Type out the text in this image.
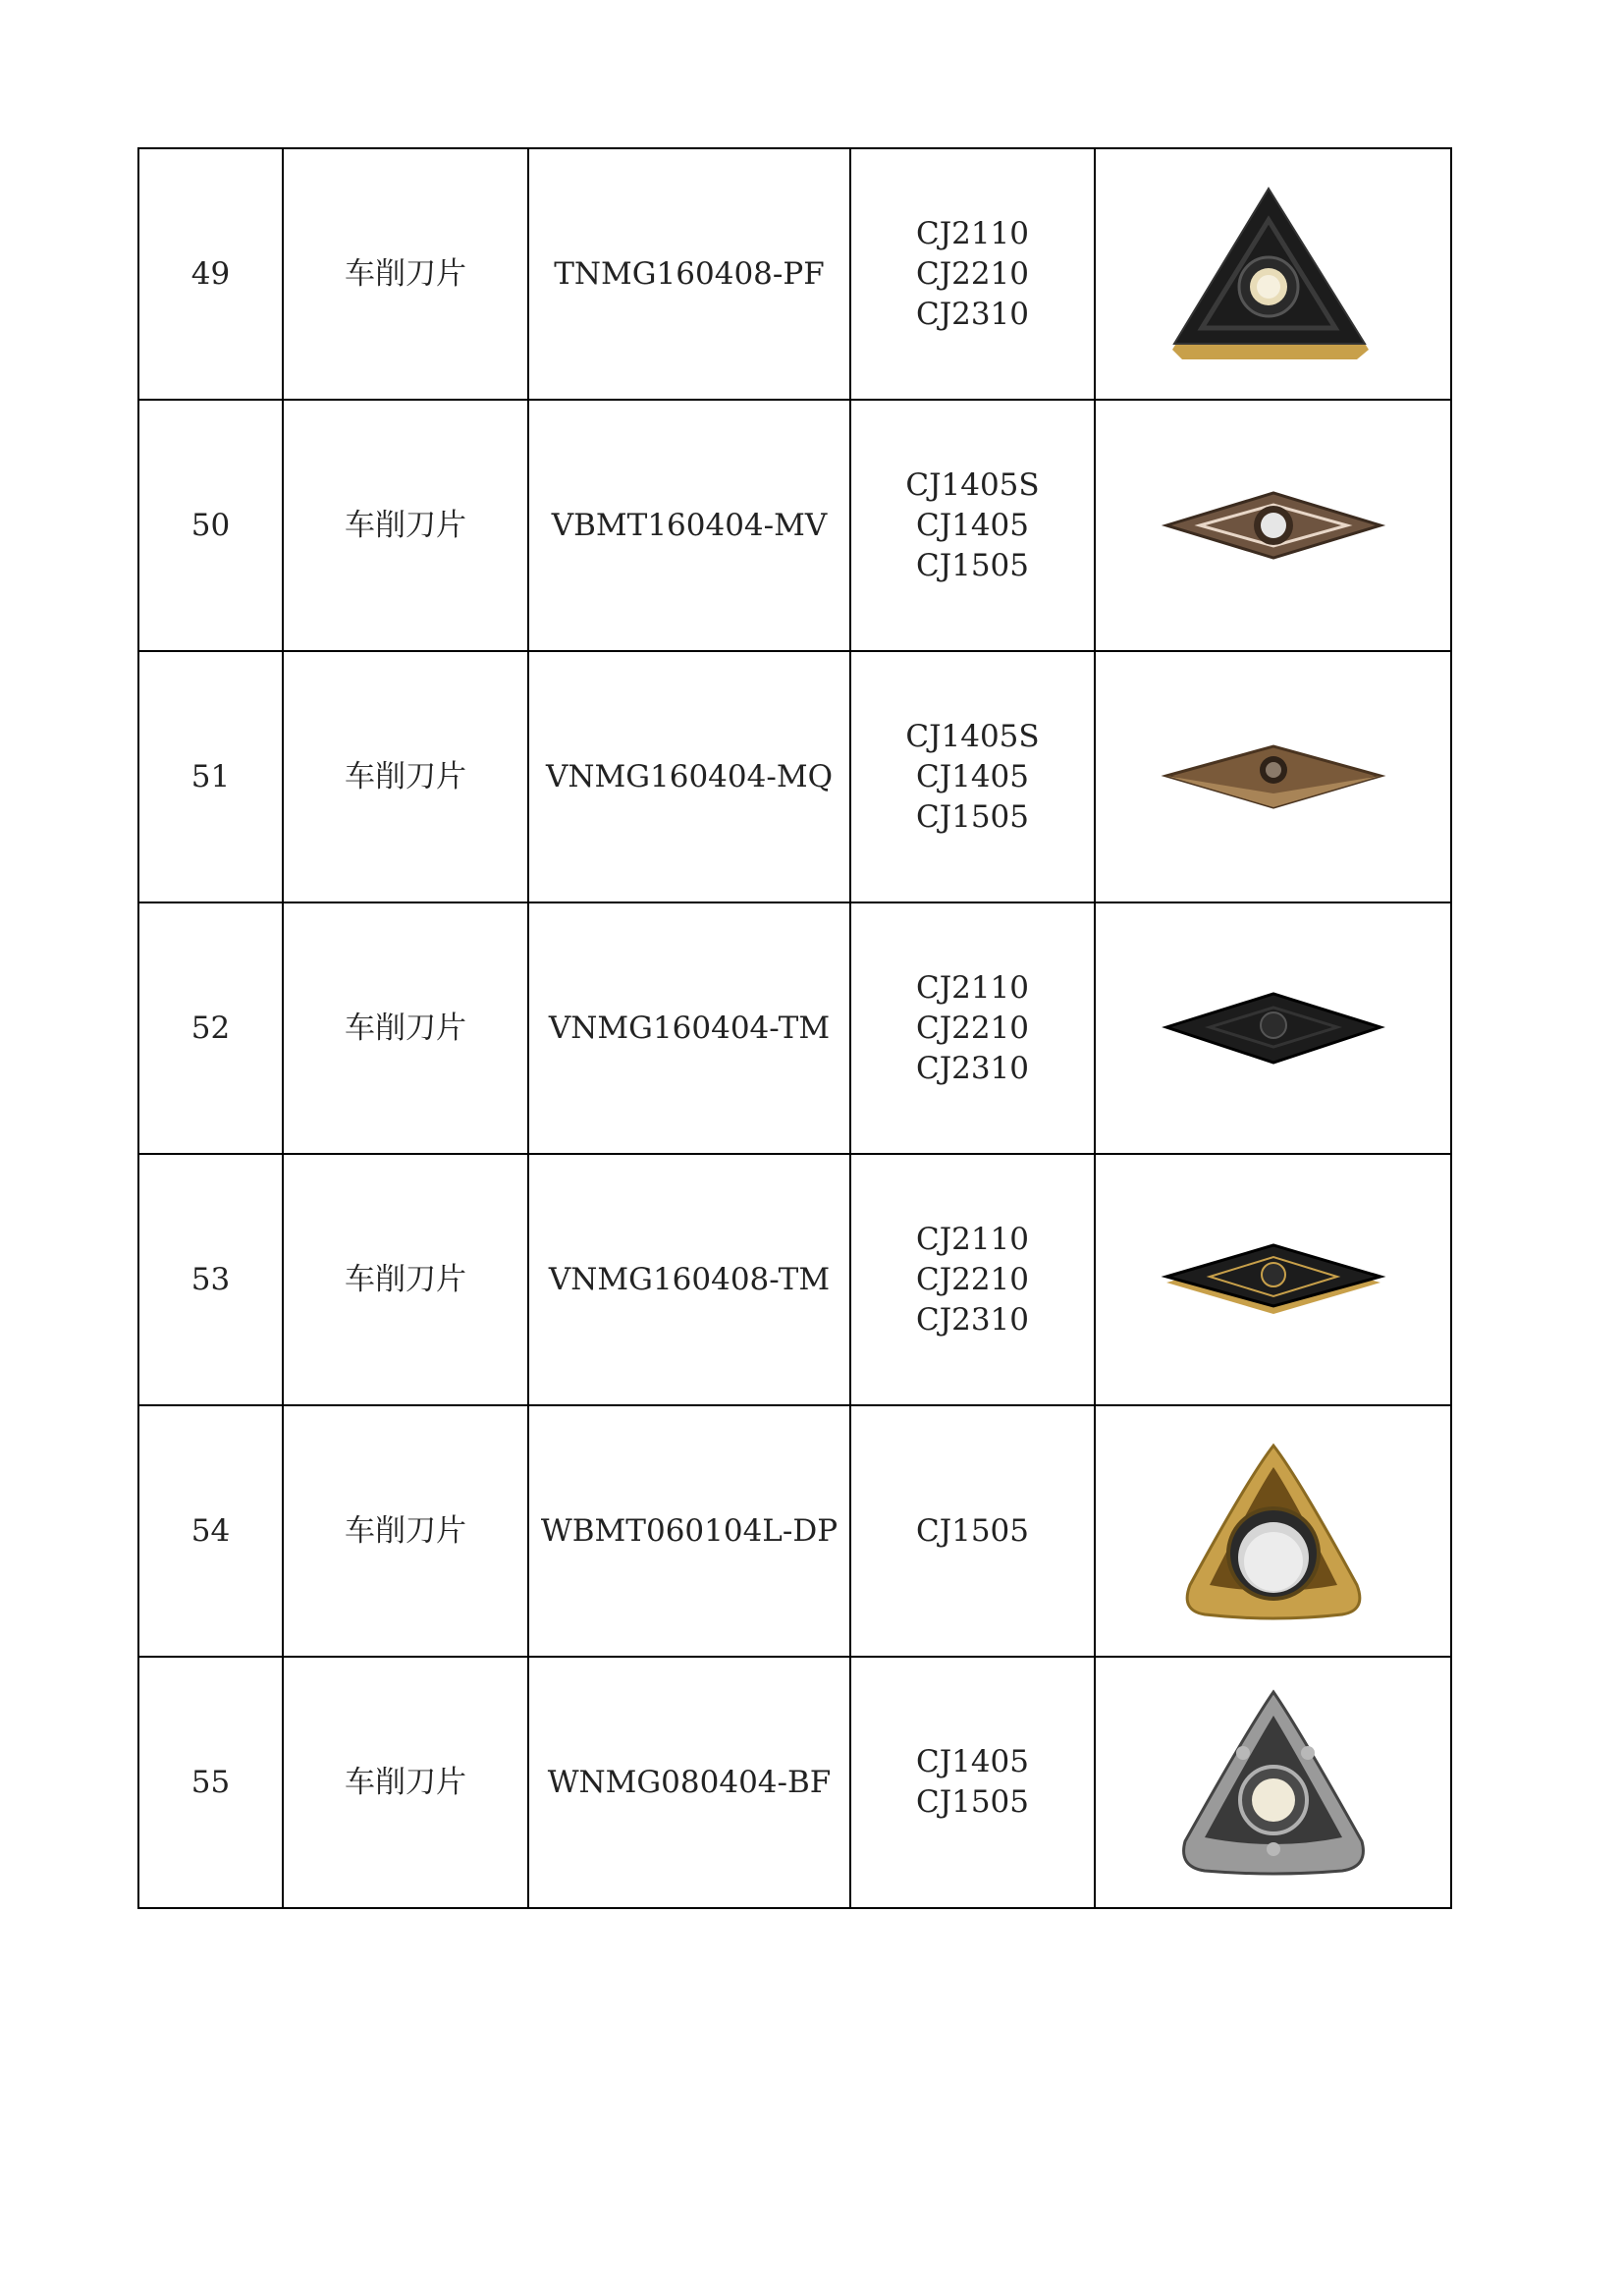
49	车削刀片	TNMG160408-PF	CJ2110
CJ2210
CJ2310

50	车削刀片	VBMT160404-MV	CJ1405S
CJ1405
CJ1505

51	车削刀片	VNMG160404-MQ	CJ1405S
CJ1405
CJ1505

52	车削刀片	VNMG160404-TM	CJ2110
CJ2210
CJ2310

53	车削刀片	VNMG160408-TM	CJ2110
CJ2210
CJ2310

54	车削刀片	WBMT060104L-DP	CJ1505

55	车削刀片	WNMG080404-BF	CJ1405
CJ1505
